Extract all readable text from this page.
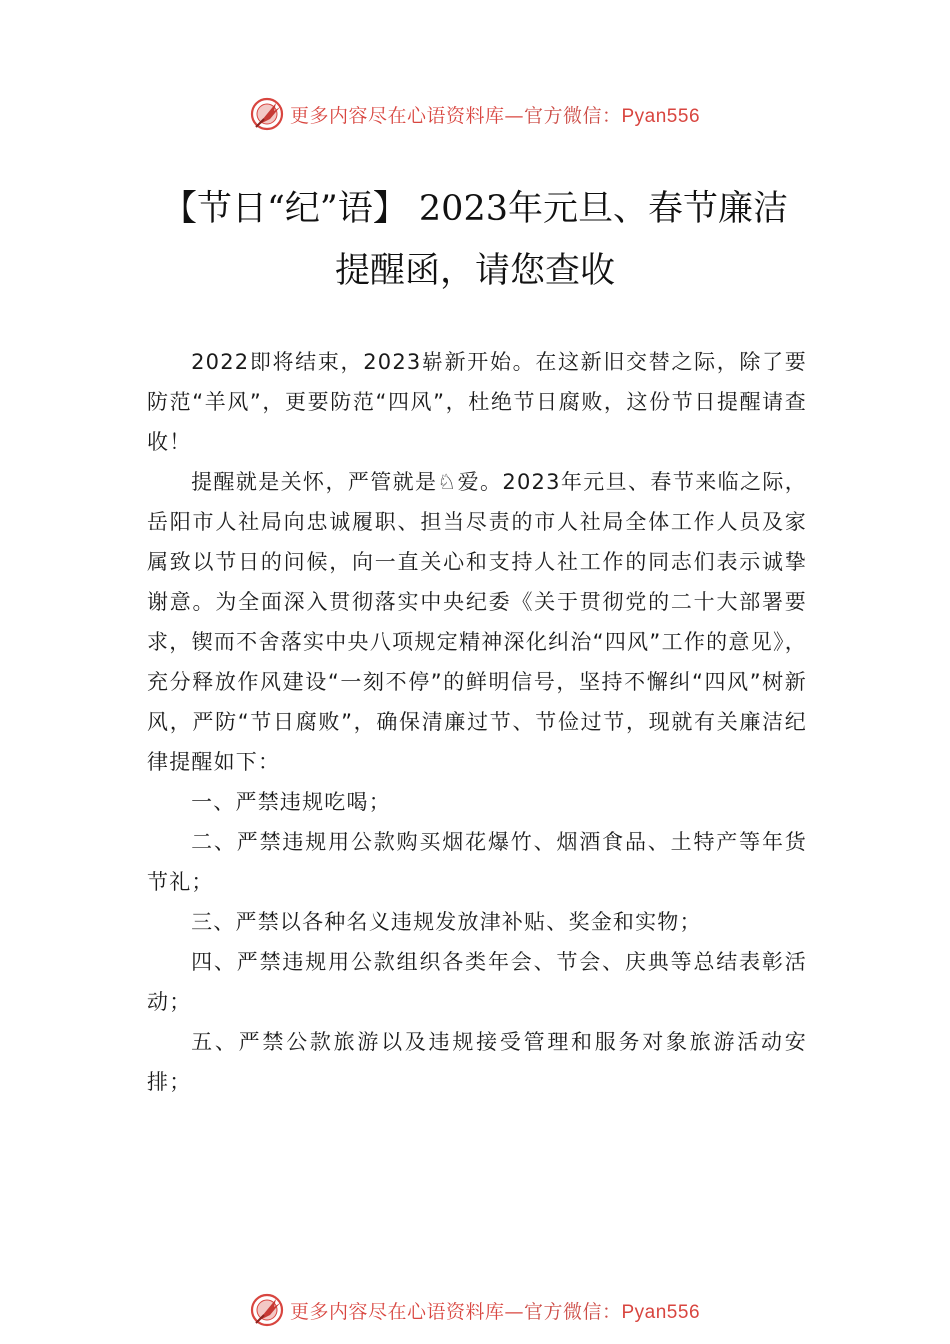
更多内容尽在心语资料库—官方微信：Pyan556
【节日“纪”语】 2023年元旦、春节廉洁
提醒函，请您查收

2022即将结束，2023崭新开始。在这新旧交替之际，除了要防范“羊风”，更要防范“四风”，杜绝节日腐败，这份节日提醒请查收！

提醒就是关怀，严管就是♘爱。2023年元旦、春节来临之际，岳阳市人社局向忠诚履职、担当尽责的市人社局全体工作人员及家属致以节日的问候，向一直关心和支持人社工作的同志们表示诚挚谢意。为全面深入贯彻落实中央纪委《关于贯彻党的二十大部署要求，锲而不舍落实中央八项规定精神深化纠治“四风”工作的意见》，充分释放作风建设“一刻不停”的鲜明信号，坚持不懈纠“四风”树新风，严防“节日腐败”，确保清廉过节、节俭过节，现就有关廉洁纪律提醒如下：

一、严禁违规吃喝；

二、严禁违规用公款购买烟花爆竹、烟酒食品、土特产等年货节礼；

三、严禁以各种名义违规发放津补贴、奖金和实物；

四、严禁违规用公款组织各类年会、节会、庆典等总结表彰活动；

五、严禁公款旅游以及违规接受管理和服务对象旅游活动安排；

更多内容尽在心语资料库—官方微信：Pyan556
